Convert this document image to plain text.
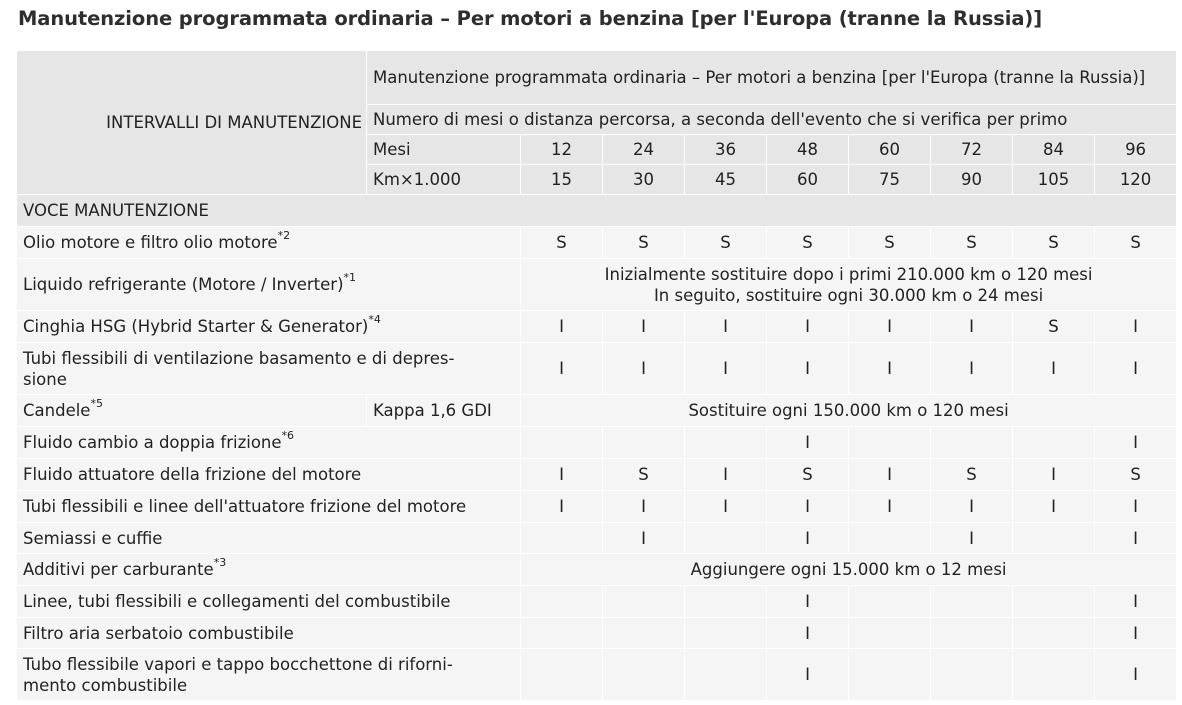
Manutenzione programmata ordinaria – Per motori a benzina [per l'Europa (tranne la Russia)]
INTERVALLI DI MANUTENZIONE	Manutenzione programmata ordinaria – Per motori a benzina [per l'Europa (tranne la Russia)]								
	Numero di mesi o distanza percorsa, a seconda dell'evento che si verifica per primo								
	Mesi	12	24	36	48	60	72	84	96
	Km×1.000	15	30	45	60	75	90	105	120
VOCE MANUTENZIONE									
Olio motore e filtro olio motore$^{*2}$		S	S	S	S	S	S	S	S
Liquido refrigerante (Motore / Inverter)$^{*1}$		Inizialmente sostituire dopo i primi 210.000 km o 120 mesi
In seguito, sostituire ogni 30.000 km o 24 mesi							
Cinghia HSG (Hybrid Starter & Generator)$^{*4}$		I	I	I	I	I	I	S	I
Tubi flessibili di ventilazione basamento e di depres-
sione		I	I	I	I	I	I	I	I
Candele$^{*5}$	Kappa 1,6 GDI	Sostituire ogni 150.000 km o 120 mesi							
Fluido cambio a doppia frizione$^{*6}$					I				I
Fluido attuatore della frizione del motore		I	S	I	S	I	S	I	S
Tubi flessibili e linee dell'attuatore frizione del motore		I	I	I	I	I	I	I	I
Semiassi e cuffie			I		I		I		I
Additivi per carburante$^{*3}$		Aggiungere ogni 15.000 km o 12 mesi							
Linee, tubi flessibili e collegamenti del combustibile					I				I
Filtro aria serbatoio combustibile					I				I
Tubo flessibile vapori e tappo bocchettone di riforni-
mento combustibile					I				I
